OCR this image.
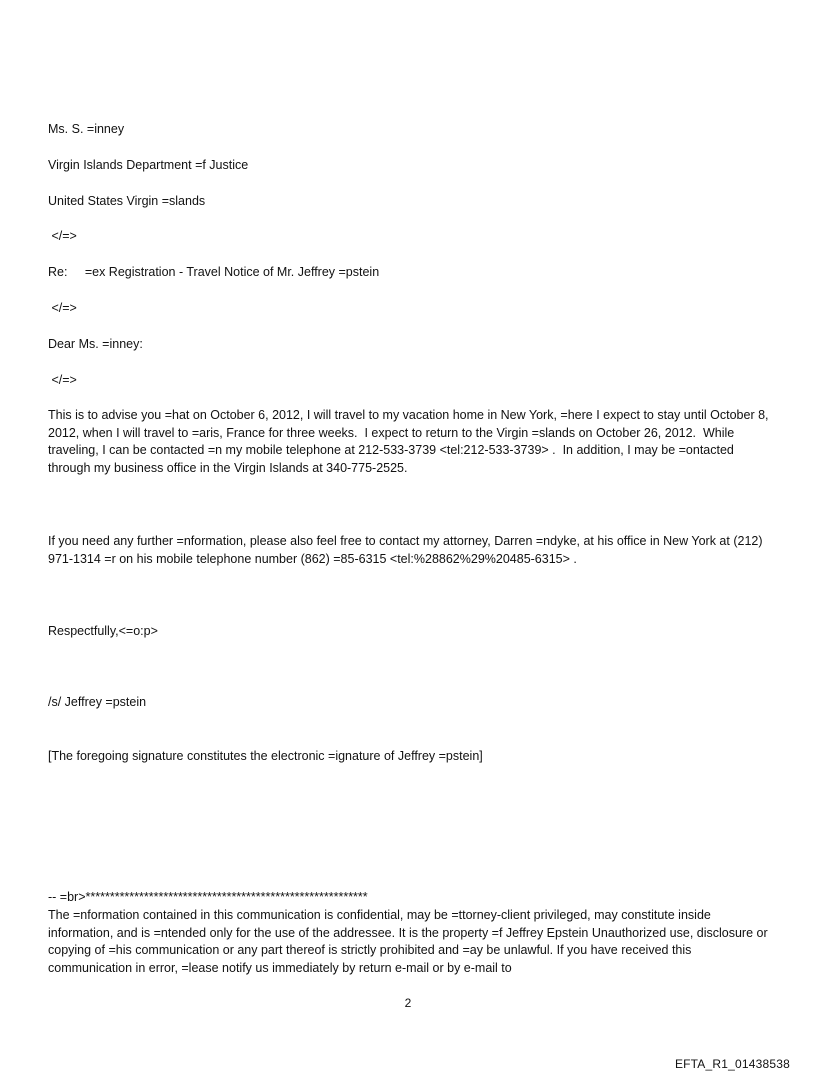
Ms. S. =inney

Virgin Islands Department =f Justice

United States Virgin =slands

</=>

Re:     =ex Registration - Travel Notice of Mr. Jeffrey =pstein

</=>

Dear Ms. =inney:

</=>

This is to advise you =hat on October 6, 2012, I will travel to my vacation home in New York, =here I expect to stay until October 8, 2012, when I will travel to =aris, France for three weeks.  I expect to return to the Virgin =slands on October 26, 2012.  While traveling, I can be contacted =n my mobile telephone at 212-533-3739 <tel:212-533-3739> .  In addition, I may be =ontacted through my business office in the Virgin Islands at 340-775-2525.

If you need any further =nformation, please also feel free to contact my attorney, Darren =ndyke, at his office in New York at (212) 971-1314 =r on his mobile telephone number (862) =85-6315 <tel:%28862%29%20485-6315> .

Respectfully,<=o:p>

/s/ Jeffrey =pstein

[The foregoing signature constitutes the electronic =ignature of Jeffrey =pstein]

-- =br>**********************************************************

The =nformation contained in this communication is confidential, may be =ttorney-client privileged, may constitute inside information, and is =ntended only for the use of the addressee. It is the property =f Jeffrey Epstein Unauthorized use, disclosure or copying of =his communication or any part thereof is strictly prohibited and =ay be unlawful. If you have received this communication in error, =lease notify us immediately by return e-mail or by e-mail to

2
EFTA_R1_01438538
